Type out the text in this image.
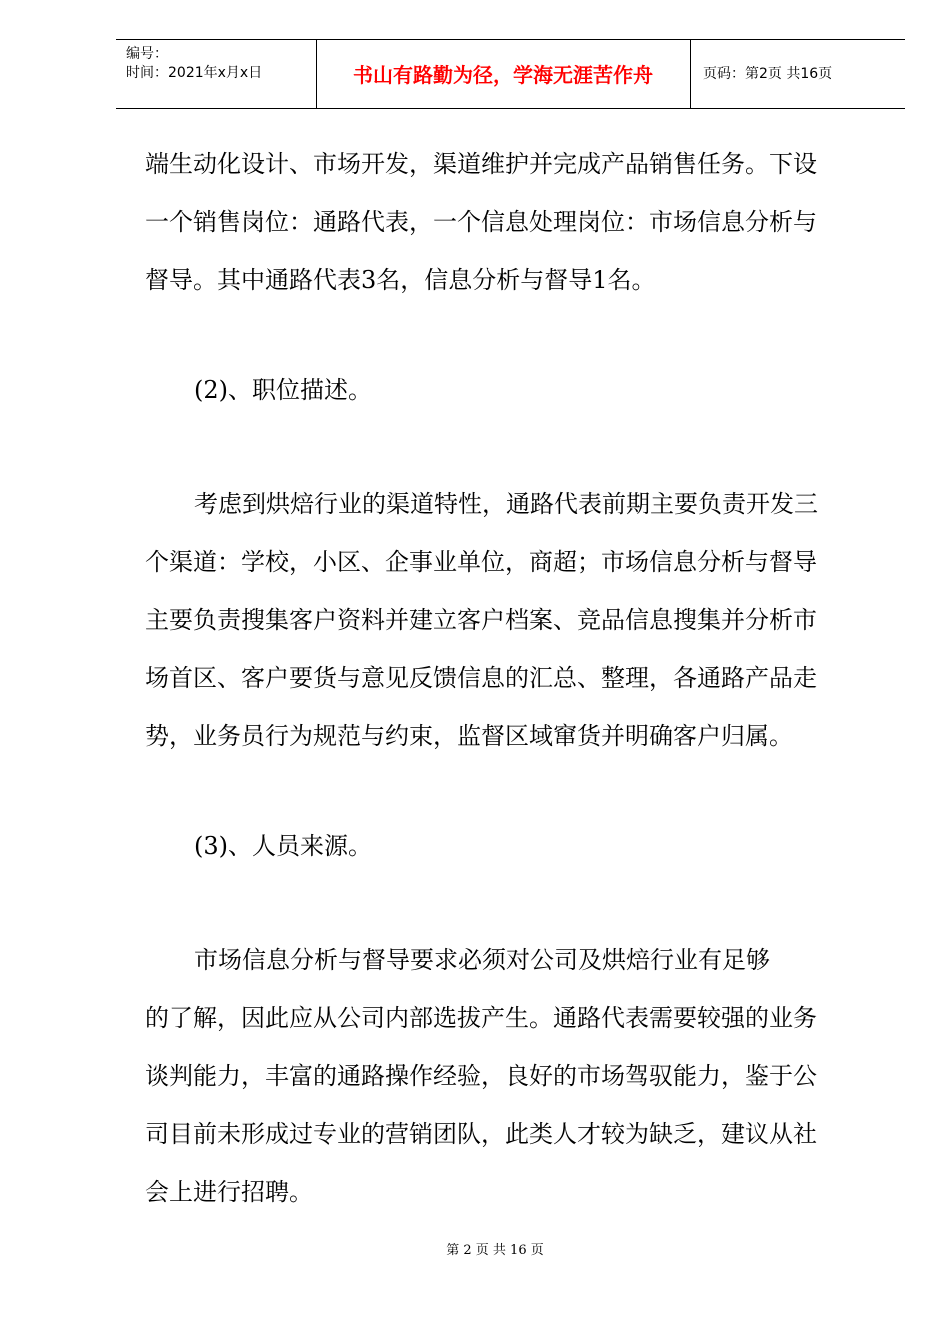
编号：
时间：2021年x月x日	书山有路勤为径，学海无涯苦作舟	页码：第2页 共16页
端生动化设计、市场开发，渠道维护并完成产品销售任务。下设
一个销售岗位：通路代表，一个信息处理岗位：市场信息分析与
督导。其中通路代表3名，信息分析与督导1名。
(2)、职位描述。
考虑到烘焙行业的渠道特性，通路代表前期主要负责开发三
个渠道：学校，小区、企事业单位，商超；市场信息分析与督导
主要负责搜集客户资料并建立客户档案、竞品信息搜集并分析市
场首区、客户要货与意见反馈信息的汇总、整理，各通路产品走
势，业务员行为规范与约束，监督区域窜货并明确客户归属。
(3)、人员来源。
市场信息分析与督导要求必须对公司及烘焙行业有足够
的了解，因此应从公司内部选拔产生。通路代表需要较强的业务
谈判能力，丰富的通路操作经验，良好的市场驾驭能力，鉴于公
司目前未形成过专业的营销团队，此类人才较为缺乏，建议从社
会上进行招聘。
第 2 页 共 16 页
